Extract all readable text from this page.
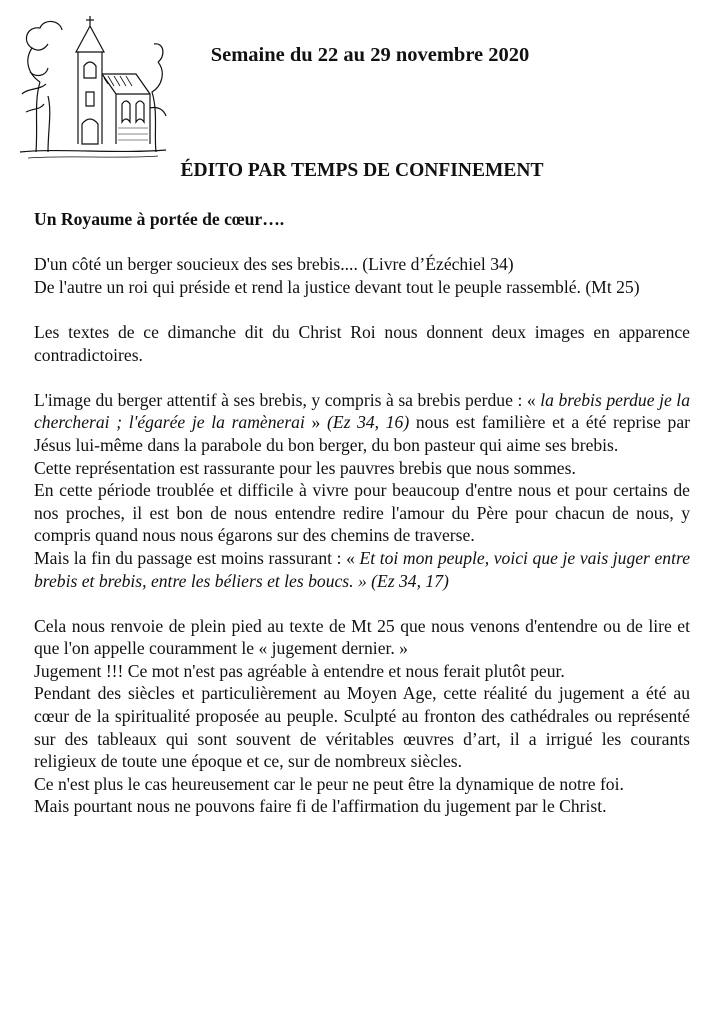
Semaine du 22 au 29 novembre 2020
ÉDITO PAR TEMPS DE CONFINEMENT

Un Royaume à portée de cœur….

D'un côté un berger soucieux des ses brebis.... (Livre d’Ézéchiel 34)

De l'autre un roi qui préside et rend la justice devant tout le peuple rassemblé. (Mt 25)

Les textes de ce dimanche dit du Christ Roi nous donnent deux images en apparence contradictoires.

L'image du berger attentif à ses brebis, y compris à sa brebis perdue : « la brebis perdue je la chercherai ; l'égarée je la ramènerai » (Ez 34, 16) nous est familière et a été reprise par Jésus lui-même dans la parabole du bon berger, du bon pasteur qui aime ses brebis.

Cette représentation est rassurante pour les pauvres brebis que nous sommes.

En cette période troublée et difficile à vivre pour beaucoup d'entre nous et pour certains de nos proches, il est bon de nous entendre redire l'amour du Père pour chacun de nous, y compris quand nous nous égarons sur des chemins de traverse.

Mais la fin du passage est moins rassurant : « Et toi mon peuple, voici que je vais juger entre brebis et brebis, entre les béliers et les boucs. » (Ez 34, 17)

Cela nous renvoie de plein pied au texte de Mt 25 que nous venons d'entendre ou de lire et que l'on appelle couramment le « jugement dernier. »

Jugement !!! Ce mot n'est pas agréable à entendre et nous ferait plutôt peur.

Pendant des siècles et particulièrement au Moyen Age, cette réalité du jugement a été au cœur de la spiritualité proposée au peuple. Sculpté au fronton des cathédrales ou représenté sur des tableaux qui sont souvent de véritables œuvres d’art, il a irrigué les courants religieux de toute une époque et ce, sur de nombreux siècles.

Ce n'est plus le cas heureusement car le peur ne peut être la dynamique de notre foi.

Mais pourtant nous ne pouvons faire fi de l'affirmation du jugement par le Christ.
